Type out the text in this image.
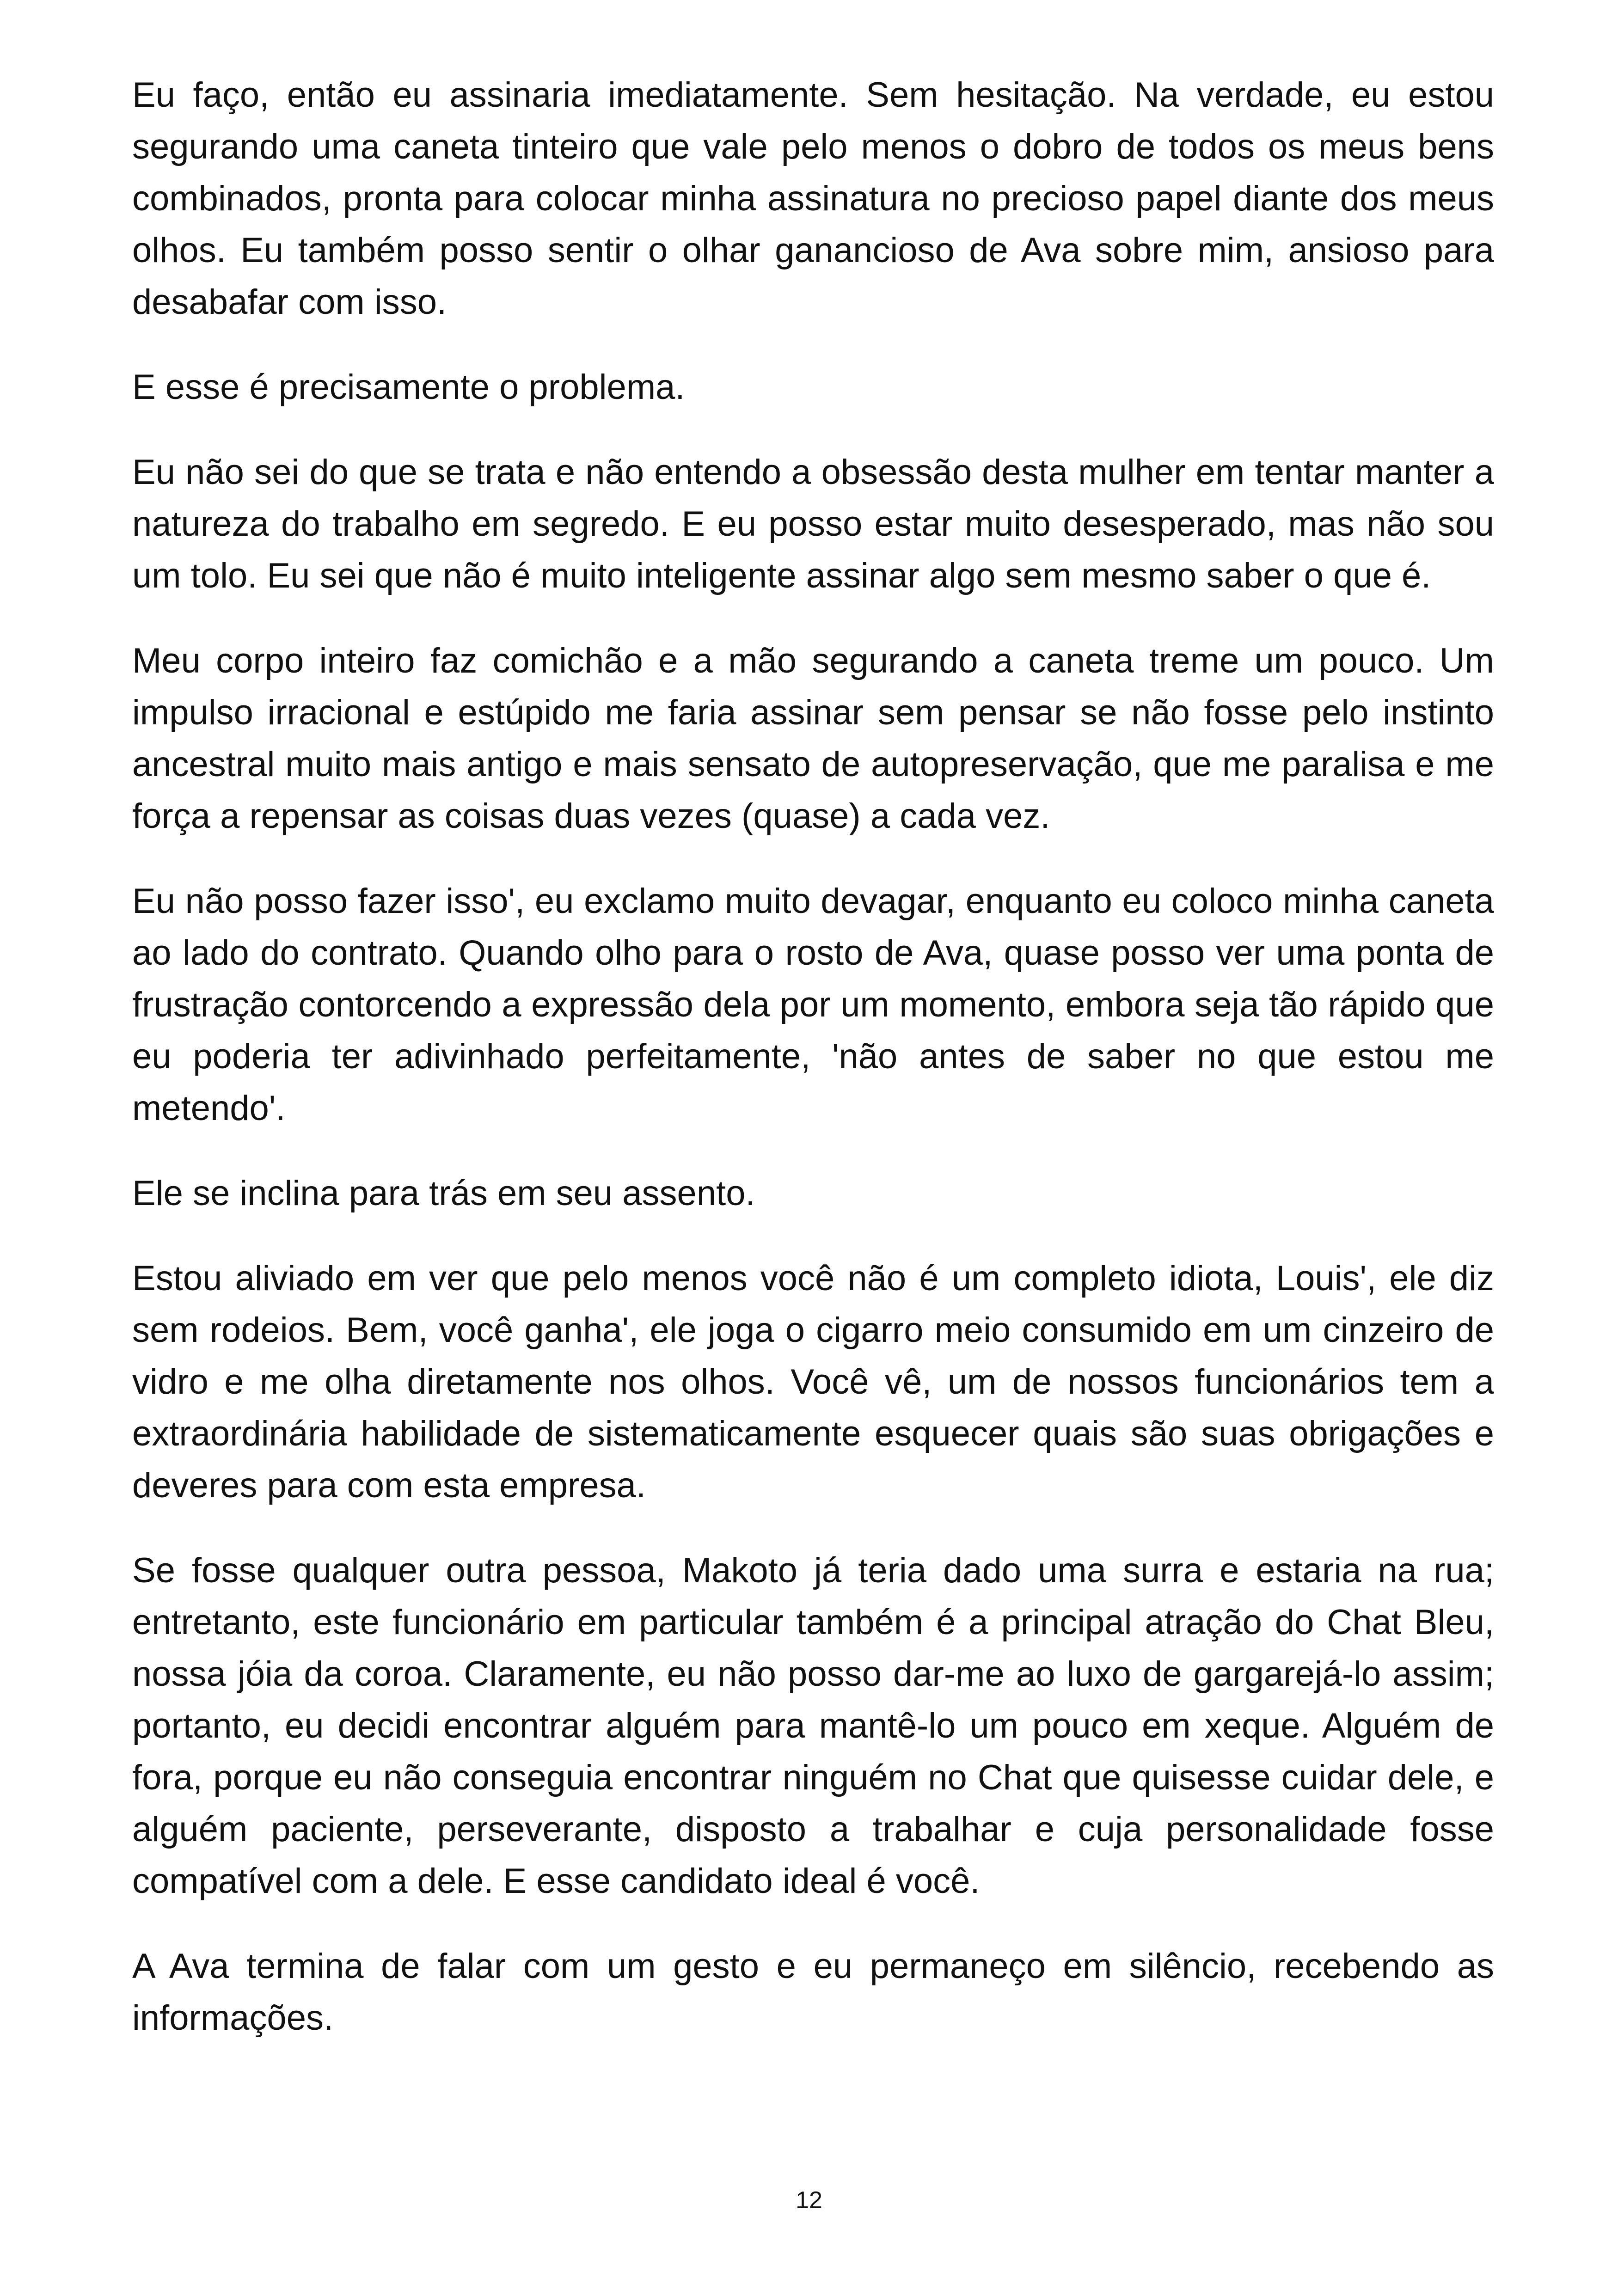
Eu faço, então eu assinaria imediatamente. Sem hesitação. Na verdade, eu estou segurando uma caneta tinteiro que vale pelo menos o dobro de todos os meus bens combinados, pronta para colocar minha assinatura no precioso papel diante dos meus olhos. Eu também posso sentir o olhar ganancioso de Ava sobre mim, ansioso para desabafar com isso.

E esse é precisamente o problema.

Eu não sei do que se trata e não entendo a obsessão desta mulher em tentar manter a natureza do trabalho em segredo. E eu posso estar muito desesperado, mas não sou um tolo. Eu sei que não é muito inteligente assinar algo sem mesmo saber o que é.

Meu corpo inteiro faz comichão e a mão segurando a caneta treme um pouco. Um impulso irracional e estúpido me faria assinar sem pensar se não fosse pelo instinto ancestral muito mais antigo e mais sensato de autopreservação, que me paralisa e me força a repensar as coisas duas vezes (quase) a cada vez.

Eu não posso fazer isso', eu exclamo muito devagar, enquanto eu coloco minha caneta ao lado do contrato. Quando olho para o rosto de Ava, quase posso ver uma ponta de frustração contorcendo a expressão dela por um momento, embora seja tão rápido que eu poderia ter adivinhado perfeitamente, 'não antes de saber no que estou me metendo'.

Ele se inclina para trás em seu assento.

Estou aliviado em ver que pelo menos você não é um completo idiota, Louis', ele diz sem rodeios. Bem, você ganha', ele joga o cigarro meio consumido em um cinzeiro de vidro e me olha diretamente nos olhos. Você vê, um de nossos funcionários tem a extraordinária habilidade de sistematicamente esquecer quais são suas obrigações e deveres para com esta empresa.

Se fosse qualquer outra pessoa, Makoto já teria dado uma surra e estaria na rua; entretanto, este funcionário em particular também é a principal atração do Chat Bleu, nossa jóia da coroa. Claramente, eu não posso dar-me ao luxo de gargarejá-lo assim; portanto, eu decidi encontrar alguém para mantê-lo um pouco em xeque. Alguém de fora, porque eu não conseguia encontrar ninguém no Chat que quisesse cuidar dele, e alguém paciente, perseverante, disposto a trabalhar e cuja personalidade fosse compatível com a dele. E esse candidato ideal é você.

A Ava termina de falar com um gesto e eu permaneço em silêncio, recebendo as informações.

12
